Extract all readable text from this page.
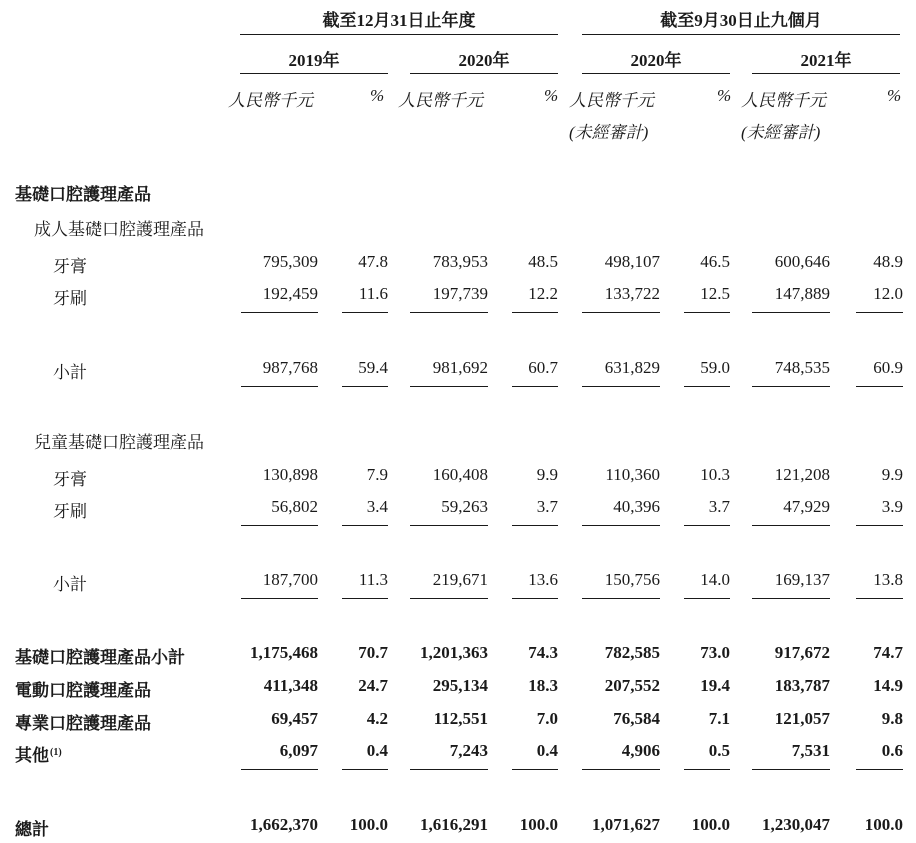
截至12月31日止年度	截至9月30日止九個月
2019年	2020年	2020年	2021年
人民幣千元	% 人民幣千元	% 人民幣千元	% 人民幣千元	%
(未經審計)	(未經審計)
基礎口腔護理產品
成人基礎口腔護理產品
牙膏	795,309	47.8	783,953	48.5	498,107	46.5	600,646	48.9
牙刷	192,459	11.6	197,739	12.2	133,722	12.5	147,889	12.0
小計	987,768	59.4	981,692	60.7	631,829	59.0	748,535	60.9
兒童基礎口腔護理產品
牙膏	130,898	7.9	160,408	9.9	110,360	10.3	121,208	9.9
牙刷	56,802	3.4	59,263	3.7	40,396	3.7	47,929	3.9
小計	187,700	11.3	219,671	13.6	150,756	14.0	169,137	13.8
基礎口腔護理產品小計	1,175,468	70.7	1,201,363	74.3	782,585	73.0	917,672	74.7
電動口腔護理產品	411,348	24.7	295,134	18.3	207,552	19.4	183,787	14.9
專業口腔護理產品	69,457	4.2	112,551	7.0	76,584	7.1	121,057	9.8
其他$^{(1)}$	6,097	0.4	7,243	0.4	4,906	0.5	7,531	0.6
總計	1,662,370 100.0	1,616,291 100.0	1,071,627 100.0	1,230,047	100.0
